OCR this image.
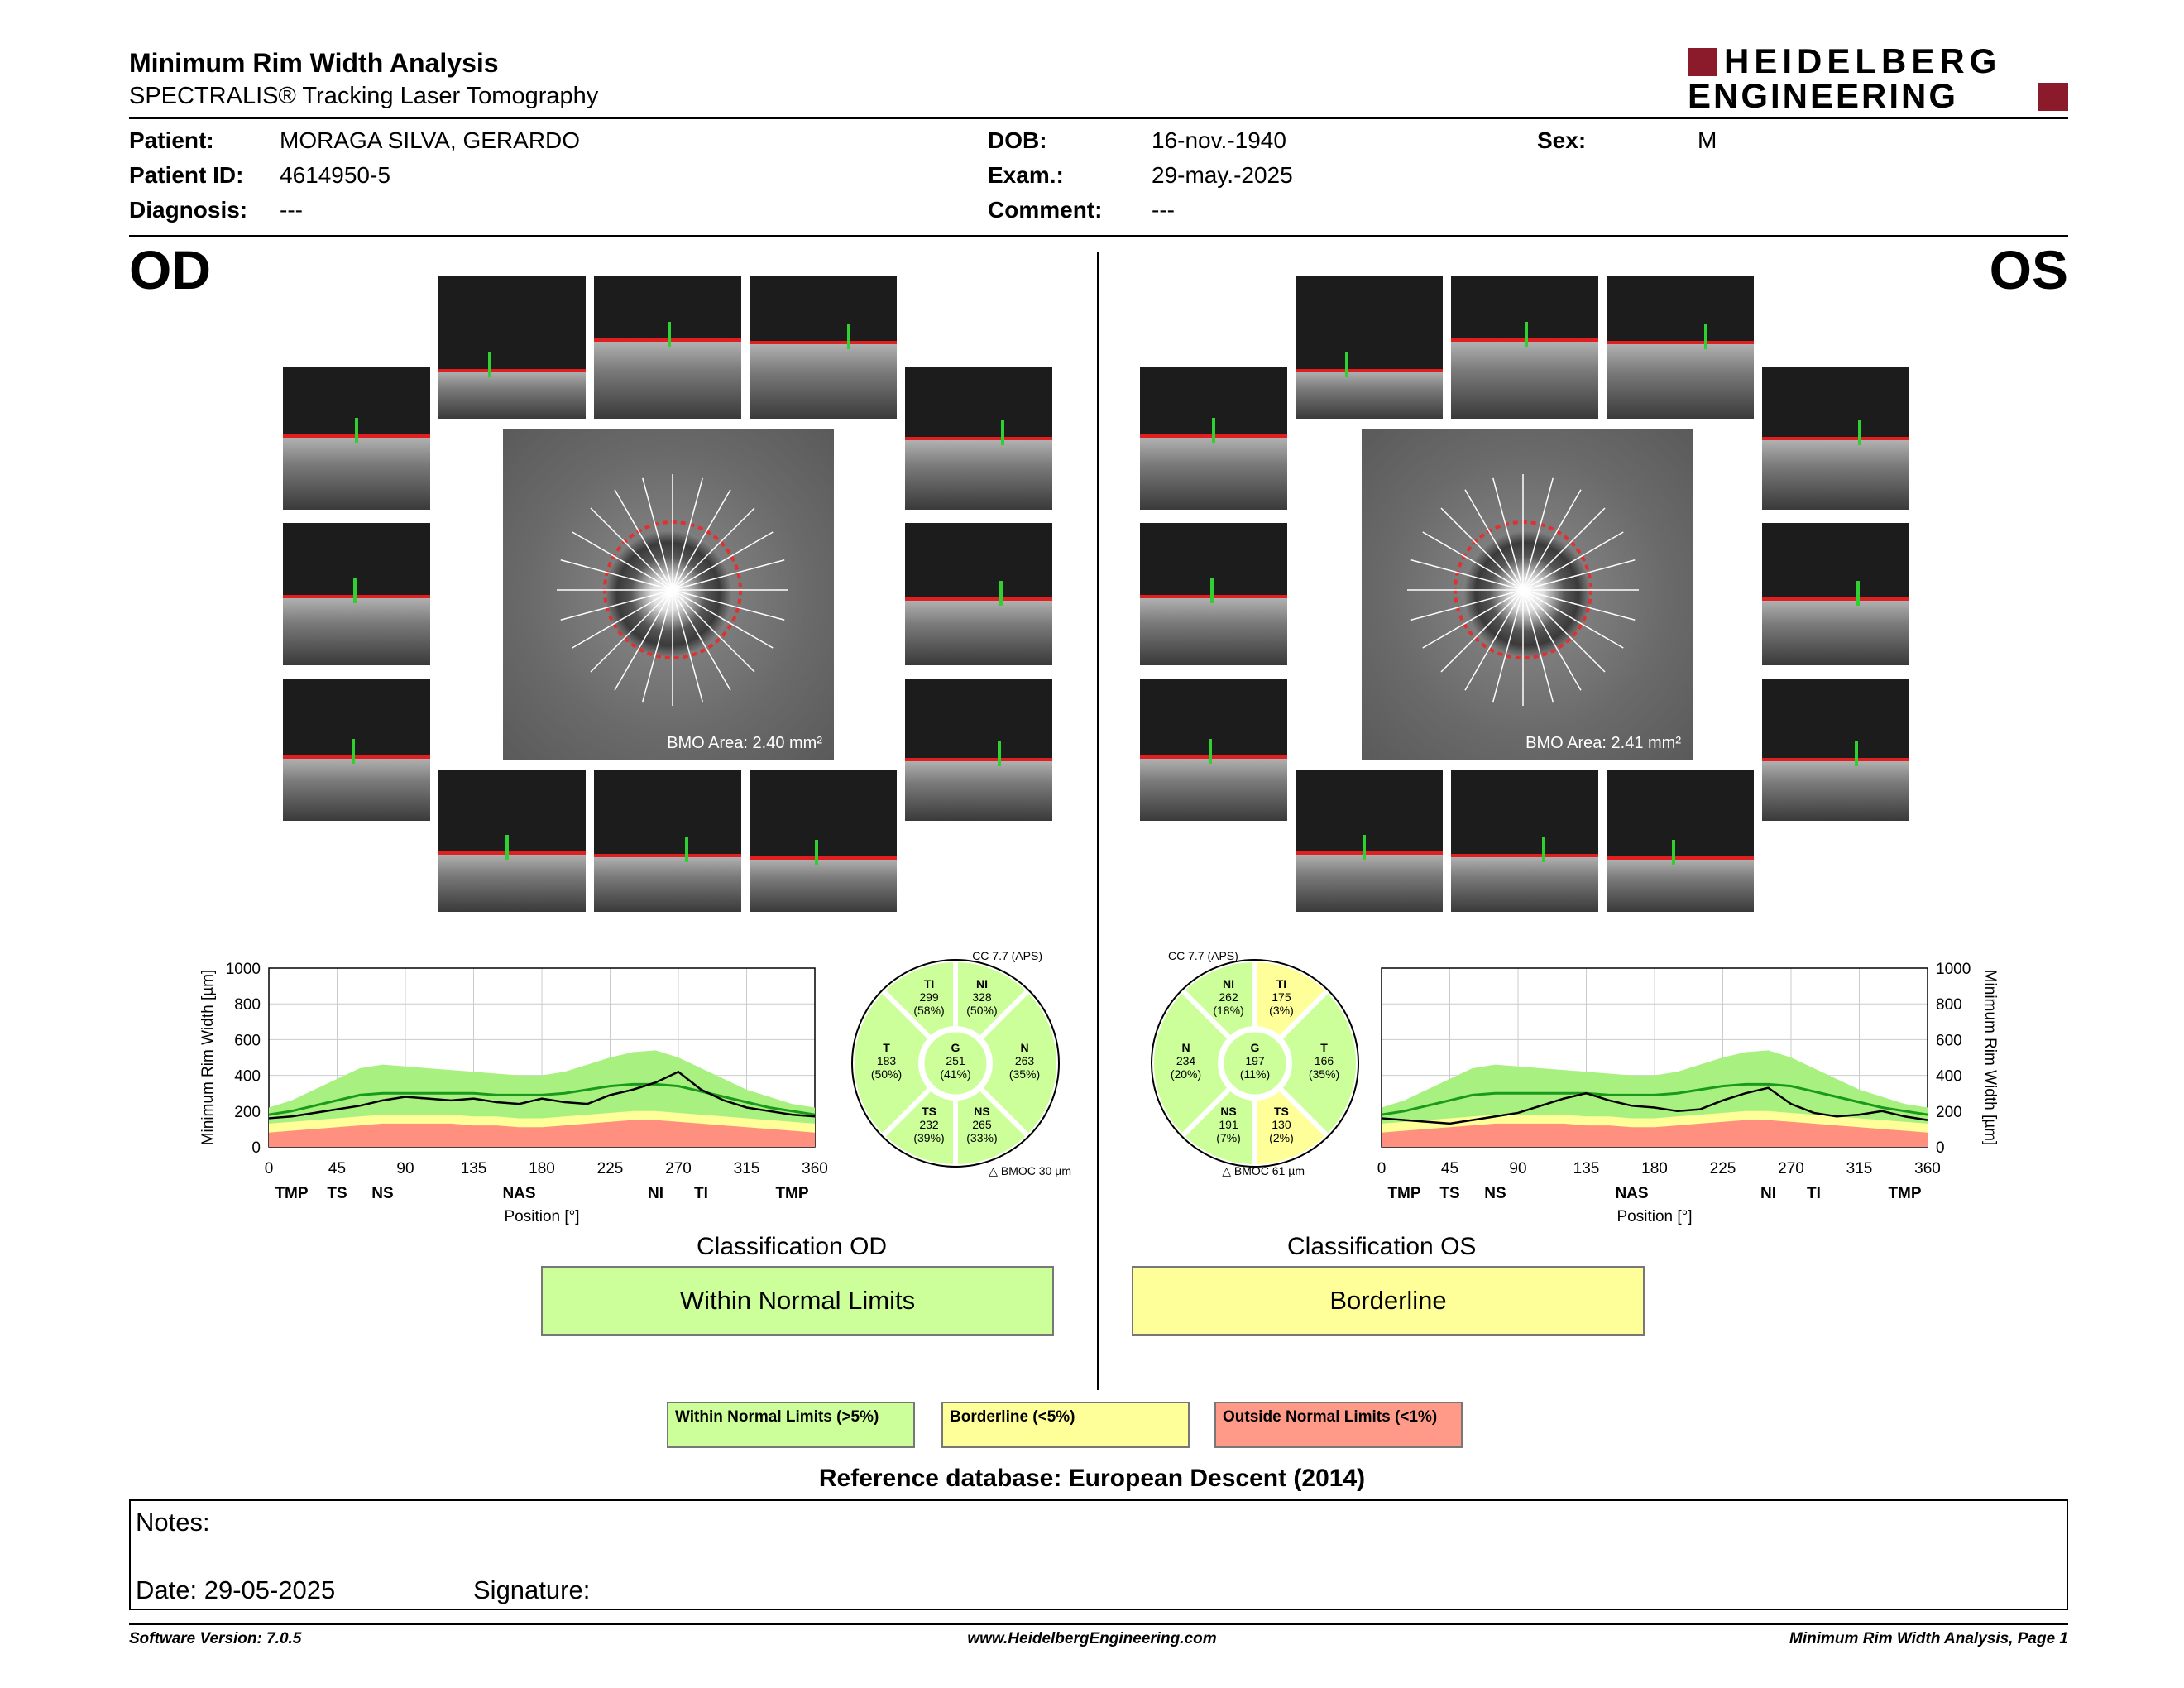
Minimum Rim Width Analysis
SPECTRALIS® Tracking Laser Tomography
HEIDELBERG
ENGINEERING
Patient:	MORAGA SILVA, GERARDO
Patient ID: 4614950-5
Diagnosis: ---
DOB:	16-nov.-1940
Exam.:	29-may.-2025
Comment: ---
Sex:	M
OD	OS
BMO Area: 2.40 mm²	BMO Area: 2.41 mm²
0	45	90	135	180	225	270	315	360
0
200
400
600
800
1000
TMP TS NS	NAS	NI TI	TMP
Position [°]
Minimum Rim Width [µm]
0	45	90	135	180	225	270	315	360
0
200
400
600
800
1000
TMP TS NS	NAS	NI TI	TMP
Position [°]
Minimum Rim Width [µm]
TS
232
(39%)
NS
265
(33%)
T
183
(50%)
TI
299
(58%)
NI
328
(50%)
N
263
(35%)
G
251
(41%)
CC 7.7 (APS)
△ BMOC 30 µm
TS
130
(2%)
NS
191
(7%)
T
166
(35%)
TI
175
(3%)
NI
262
(18%)
N
234
(20%)
G
197
(11%)
CC 7.7 (APS)
△ BMOC 61 µm
Classification OD
Within Normal Limits
Classification OS
Borderline
Within Normal Limits (>5%)	Borderline (<5%)	Outside Normal Limits (<1%)
Reference database: European Descent (2014)
Notes:
Date: 29-05-2025	Signature:
Software Version: 7.0.5	www.HeidelbergEngineering.com	Minimum Rim Width Analysis, Page 1
